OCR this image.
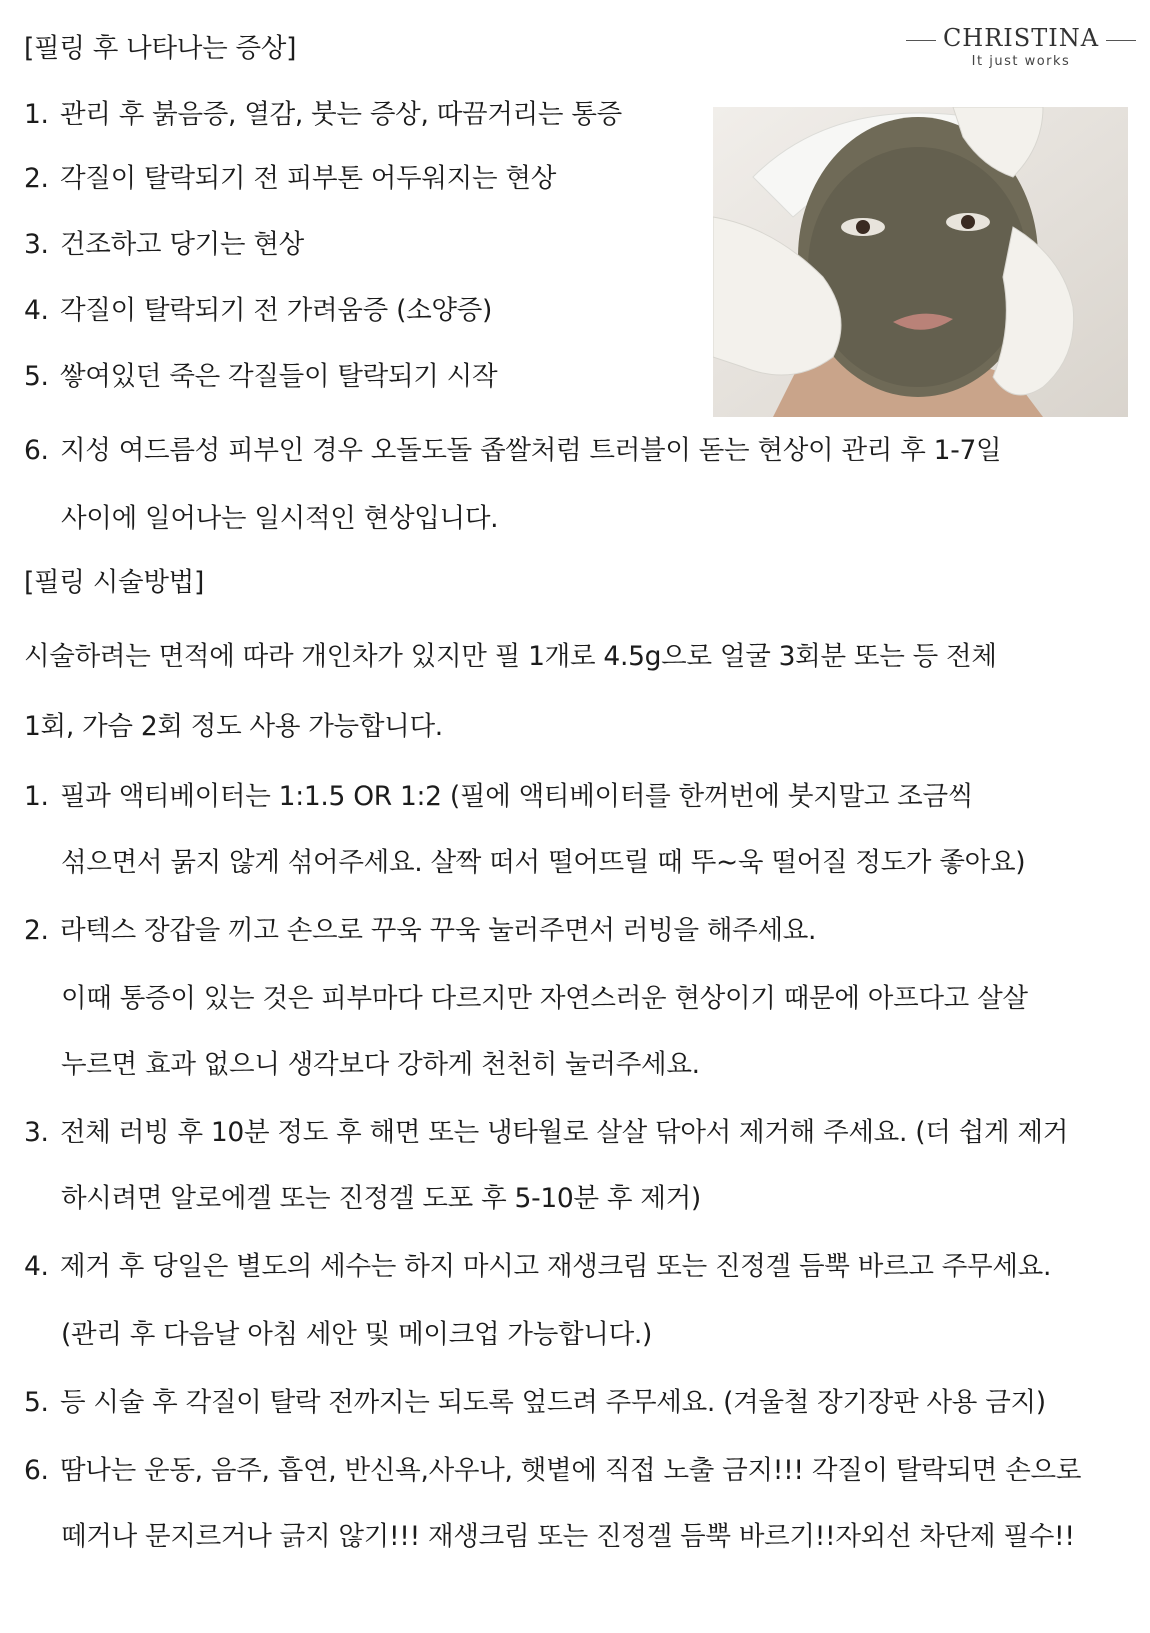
CHRISTINA
It just works
[필링 후 나타나는 증상]
1. 관리 후 붉음증, 열감, 붓는 증상, 따끔거리는 통증
2. 각질이 탈락되기 전 피부톤 어두워지는 현상
3. 건조하고 당기는 현상
4. 각질이 탈락되기 전 가려움증 (소양증)
5. 쌓여있던 죽은 각질들이 탈락되기 시작
6. 지성 여드름성 피부인 경우 오돌도돌 좁쌀처럼 트러블이 돋는 현상이 관리 후 1-7일
사이에 일어나는 일시적인 현상입니다.
[필링 시술방법]
시술하려는 면적에 따라 개인차가 있지만 필 1개로 4.5g으로 얼굴 3회분 또는 등 전체
1회, 가슴 2회 정도 사용 가능합니다.
1. 필과 액티베이터는 1:1.5 OR 1:2 (필에 액티베이터를 한꺼번에 붓지말고 조금씩
섞으면서 묽지 않게 섞어주세요. 살짝 떠서 떨어뜨릴 때 뚜~욱 떨어질 정도가 좋아요)
2. 라텍스 장갑을 끼고 손으로 꾸욱 꾸욱 눌러주면서 러빙을 해주세요.
이때 통증이 있는 것은 피부마다 다르지만 자연스러운 현상이기 때문에 아프다고 살살
누르면 효과 없으니 생각보다 강하게 천천히 눌러주세요.
3. 전체 러빙 후 10분 정도 후 해면 또는 냉타월로 살살 닦아서 제거해 주세요. (더 쉽게 제거
하시려면 알로에겔 또는 진정겔 도포 후 5-10분 후 제거)
4. 제거 후 당일은 별도의 세수는 하지 마시고 재생크림 또는 진정겔 듬뿍 바르고 주무세요.
(관리 후 다음날 아침 세안 및 메이크업 가능합니다.)
5. 등 시술 후 각질이 탈락 전까지는 되도록 엎드려 주무세요. (겨울철 장기장판 사용 금지)
6. 땀나는 운동, 음주, 흡연, 반신욕,사우나, 햇볕에 직접 노출 금지!!! 각질이 탈락되면 손으로
떼거나 문지르거나 긁지 않기!!! 재생크림 또는 진정겔 듬뿍 바르기!!자외선 차단제 필수!!
